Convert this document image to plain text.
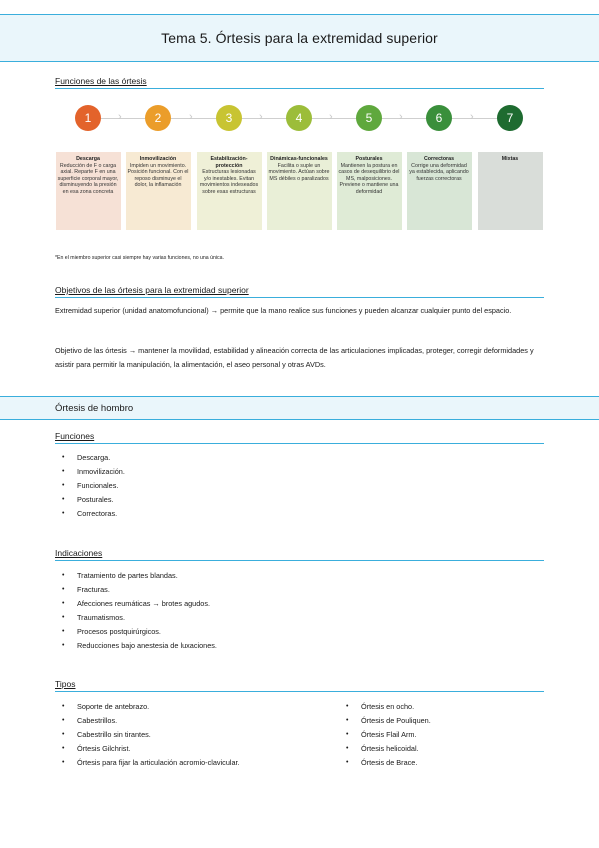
Tema 5. Órtesis para la extremidad superior
Funciones de las órtesis
1
Descarga
Reducción de F o carga axial. Reparte F en una superficie corporal mayor, disminuyendo la presión en esa zona concreta
›	2
Inmovilización
Impiden un movimiento. Posición funcional. Con el reposo disminuye el dolor, la inflamación
›	3
Estabilización-protección
Estructuras lesionadas y/o inestables. Evitan movimientos indeseados sobre esas estructuras
›	4
Dinámicas-funcionales
Facilita o suple un movimiento. Actúan sobre MS débiles o paralizados
›	5
Posturales
Mantienen la postura en casos de desequilibrio del MS, malposiciones. Previene o mantiene una deformidad
›	6
Correctoras
Corrige una deformidad ya establecida, aplicando fuerzas correctoras
›	7
Mixtas
*En el miembro superior casi siempre hay varias funciones, no una única.
Objetivos de las órtesis para la extremidad superior
Extremidad superior (unidad anatomofuncional) → permite que la mano realice sus funciones y pueden alcanzar cualquier punto del espacio.
Objetivo de las órtesis → mantener la movilidad, estabilidad y alineación correcta de las articulaciones implicadas, proteger, corregir deformidades y asistir para permitir la manipulación, la alimentación, el aseo personal y otras AVDs.
Órtesis de hombro
Funciones
• Descarga.
• Inmovilización.
• Funcionales.
• Posturales.
• Correctoras.
Indicaciones
• Tratamiento de partes blandas.
• Fracturas.
• Afecciones reumáticas → brotes agudos.
• Traumatismos.
• Procesos postquirúrgicos.
• Reducciones bajo anestesia de luxaciones.
Tipos
• Soporte de antebrazo.
• Cabestrillos.
• Cabestrillo sin tirantes.
• Órtesis Gilchrist.
• Órtesis para fijar la articulación acromio-clavicular.
• Órtesis en ocho.
• Órtesis de Pouliquen.
• Órtesis Flail Arm.
• Órtesis helicoidal.
• Órtesis de Brace.
